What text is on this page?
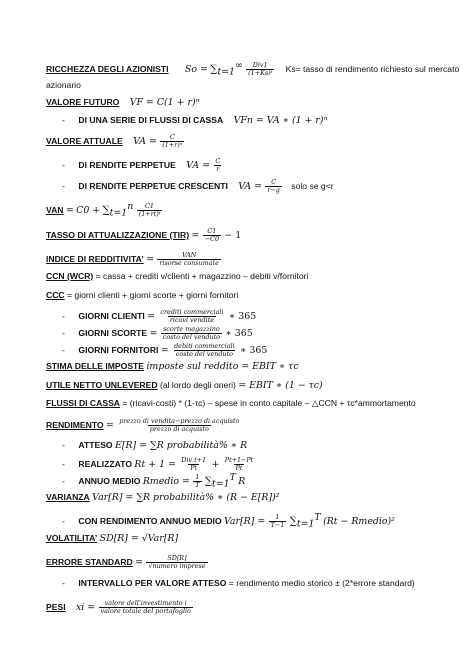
RICCHEZZA DEGLI AZIONISTI $So = \sum_{t=1}^\infty \frac{\text{Div1}}{\text{(1+Ks)ᵗ}} Ks=$ tasso di rendimento richiesto sul mercato
azionario
VALORE FUTURO VF = C(1 + r)ⁿ
- DI UNA SERIE DI FLUSSI DI CASSA VFn = VA ∗ (1 + r)ⁿ
VALORE ATTUALE VA = $\frac{C}{\text{(1+r)ⁿ}}$
- DI RENDITE PERPETUE VA = $\frac{C}{r}$
- DI RENDITE PERPETUE CRESCENTI VA = $\frac{C}{r-g}$ solo se g<r
VAN = $C0 + \sum_{t=1}^n \frac{C1}{\text{(1+rt)ᵗ}}$
TASSO DI ATTUALIZZAZIONE $(TIR) = \frac{C1}{-C0} - 1$
INDICE DI REDDITIVITA’ = $\frac{\text{VAN}}{\text{risorse consumate}}$
CCN (WCR) = cassa + crediti v/clienti + magazzino – debiti v/fornitori
CCC = giorni clienti + giorni scorte + giorni fornitori
- GIORNI CLIENTI = $\frac{\text{crediti commerciali}}{\text{ricavi vendite}}$ ∗ 365
- GIORNI SCORTE = $\frac{\text{scorte magazzino}}{\text{costo del venduto}}$ ∗ 365
- GIORNI FORNITORI = $\frac{\text{debiti commerciali}}{\text{costo del venduto}}$ ∗ 365
STIMA DELLE IMPOSTE imposte sul reddito = EBIT ∗ τc
UTILE NETTO UNLEVERED (al lordo degli oneri) = EBIT ∗ (1 − τc)
FLUSSI DI CASSA = (ricavi-costi) * (1-τc) – spese in conto capitale – △CCN + τc*ammortamento
RENDIMENTO = $\frac{\text{prezzo di vendita−prezzo di acquisto}}{\text{prezzo di acquisto}}$
- ATTESO E[R] = ∑R probabilità% ∗ R
- REALIZZATO $Rt + 1 = \frac{\text{Div t+1}}{Pt} + \frac{Pt+1-Pt}{Pt}$
- ANNUO MEDIO Rmedio = $\frac{1}{T} \sum_{t=1}^T$ R
VARIANZA Var[R] = ∑R probabilità% ∗ (R − E[R])²
- CON RENDIMENTO ANNUO MEDIO $Var[R] = \frac{1}{T-1} \sum_{t=1}^T$ (Rt − Rmedio)²
VOLATILITA’ SD[R] = √Var[R]
ERRORE STANDARD = $\frac{SD[R]}{\text{√numero imprese}}$
- INTERVALLO PER VALORE ATTESO = rendimento medio storico ± (2*errore standard)
PESI xi = $\frac{\text{valore dell’investimento i}}{\text{valore totale del portafoglio}}$
